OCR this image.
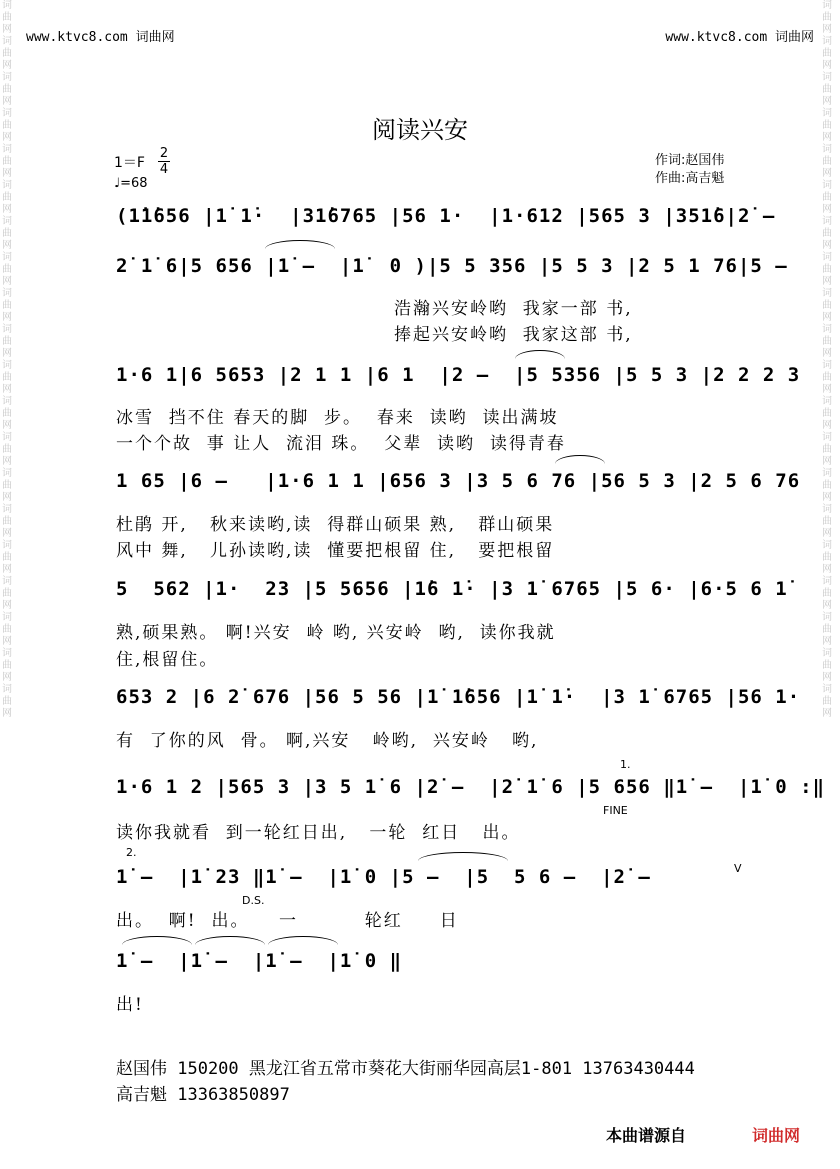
词曲网 词曲网 词曲网 词曲网 词曲网 词曲网 词曲网 词曲网 词曲网 词曲网 词曲网 词曲网 词曲网 词曲网 词曲网 词曲网 词曲网 词曲网 词曲网 词曲网
词曲网 词曲网 词曲网 词曲网 词曲网 词曲网 词曲网 词曲网 词曲网 词曲网 词曲网 词曲网 词曲网 词曲网 词曲网 词曲网 词曲网 词曲网 词曲网 词曲网
www.ktvc8.com 词曲网	www.ktvc8.com 词曲网
阅读兴安
1＝F
2
4
♩=68
作词:赵国伟
作曲:高吉魁
(1̇1̇656 |1̇ 1̇·  |31̇6765 |56 1·  |1·612 |565 3 |351̇6|2̇ –
2̇ 1̇ 6|5 656 |1̇ –  |1̇  0 )|5 5 356 |5 5 3 |2 5 1 76|5 –
浩瀚兴安岭哟  我家一部 书,
捧起兴安岭哟  我家这部 书,
1·6 1|6 5653 |2 1 1 |6 1  |2 –  |5 5356 |5 5 3 |2 2 2 3
冰雪  挡不住 春天的脚  步。  春来  读哟  读出满坡
一个个故  事 让人  流泪 珠。  父辈  读哟  读得青春
1 65 |6 –   |1·6 1 1 |656 3 |3 5 6 76 |56 5 3 |2 5 6 76
杜鹃 开,   秋来读哟,读  得群山硕果 熟,   群山硕果
风中 舞,   儿孙读哟,读  懂要把根留 住,   要把根留
5  562 |1·  23 |5 5656 |1̇6 1̇· |3 1̇ 6765 |5 6· |6·5 6 1̇
熟,硕果熟。 啊!兴安  岭 哟, 兴安岭  哟,  读你我就
住,根留住。
653 2 |6 2̇ 676 |56 5 56 |1̇ 1̇656 |1̇ 1̇·  |3 1̇ 6765 |56 1·
有  了你的风  骨。 啊,兴安   岭哟,  兴安岭   哟,
1.
1·6 1 2 |565 3 |3 5 1̇ 6 |2̇ –  |2̇ 1̇ 6 |5 656 ‖1̇ –  |1̇ 0 :‖
FINE
读你我就看  到一轮红日出,   一轮  红日   出。
2.
V
1̇ –  |1̇ 23 ‖1̇ –  |1̇ 0 |5 –  |5  5 6 –  |2̇ –
D.S.
出。  啊!  出。    一         轮红     日
1̇ –  |1̇ –  |1̇ –  |1̇ 0 ‖
出!
赵国伟 150200 黑龙江省五常市葵花大街丽华园高层1-801 13763430444
高吉魁 13363850897
本曲谱源自	词曲网
